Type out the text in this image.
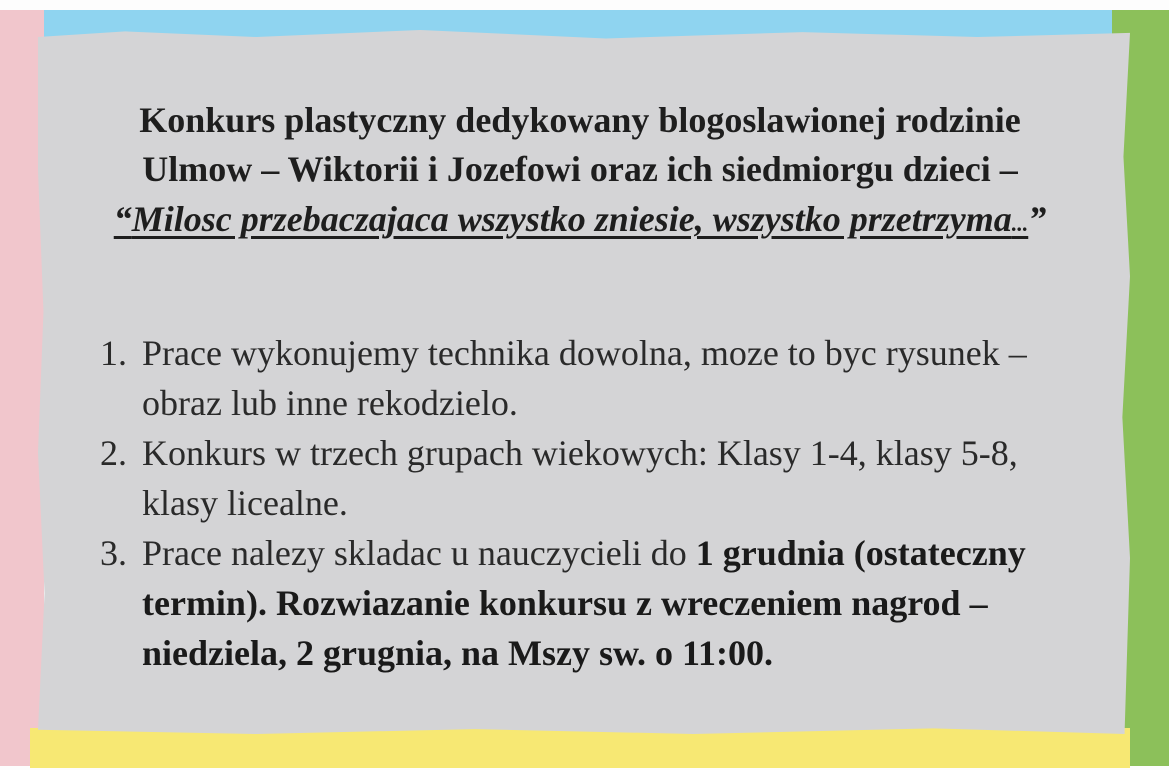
Konkurs plastyczny dedykowany blogoslawionej rodzinie
Ulmow – Wiktorii i Jozefowi oraz ich siedmiorgu dzieci –

“Milosc przebaczajaca wszystko zniesie, wszystko przetrzyma...”

1. Prace wykonujemy technika dowolna, moze to byc rysunek – obraz lub inne rekodzielo.
2. Konkurs w trzech grupach wiekowych: Klasy 1-4, klasy 5-8, klasy licealne.
3. Prace nalezy skladac u nauczycieli do 1 grudnia (ostateczny termin). Rozwiazanie konkursu z wreczeniem nagrod – niedziela, 2 grugnia, na Mszy sw. o 11:00.
